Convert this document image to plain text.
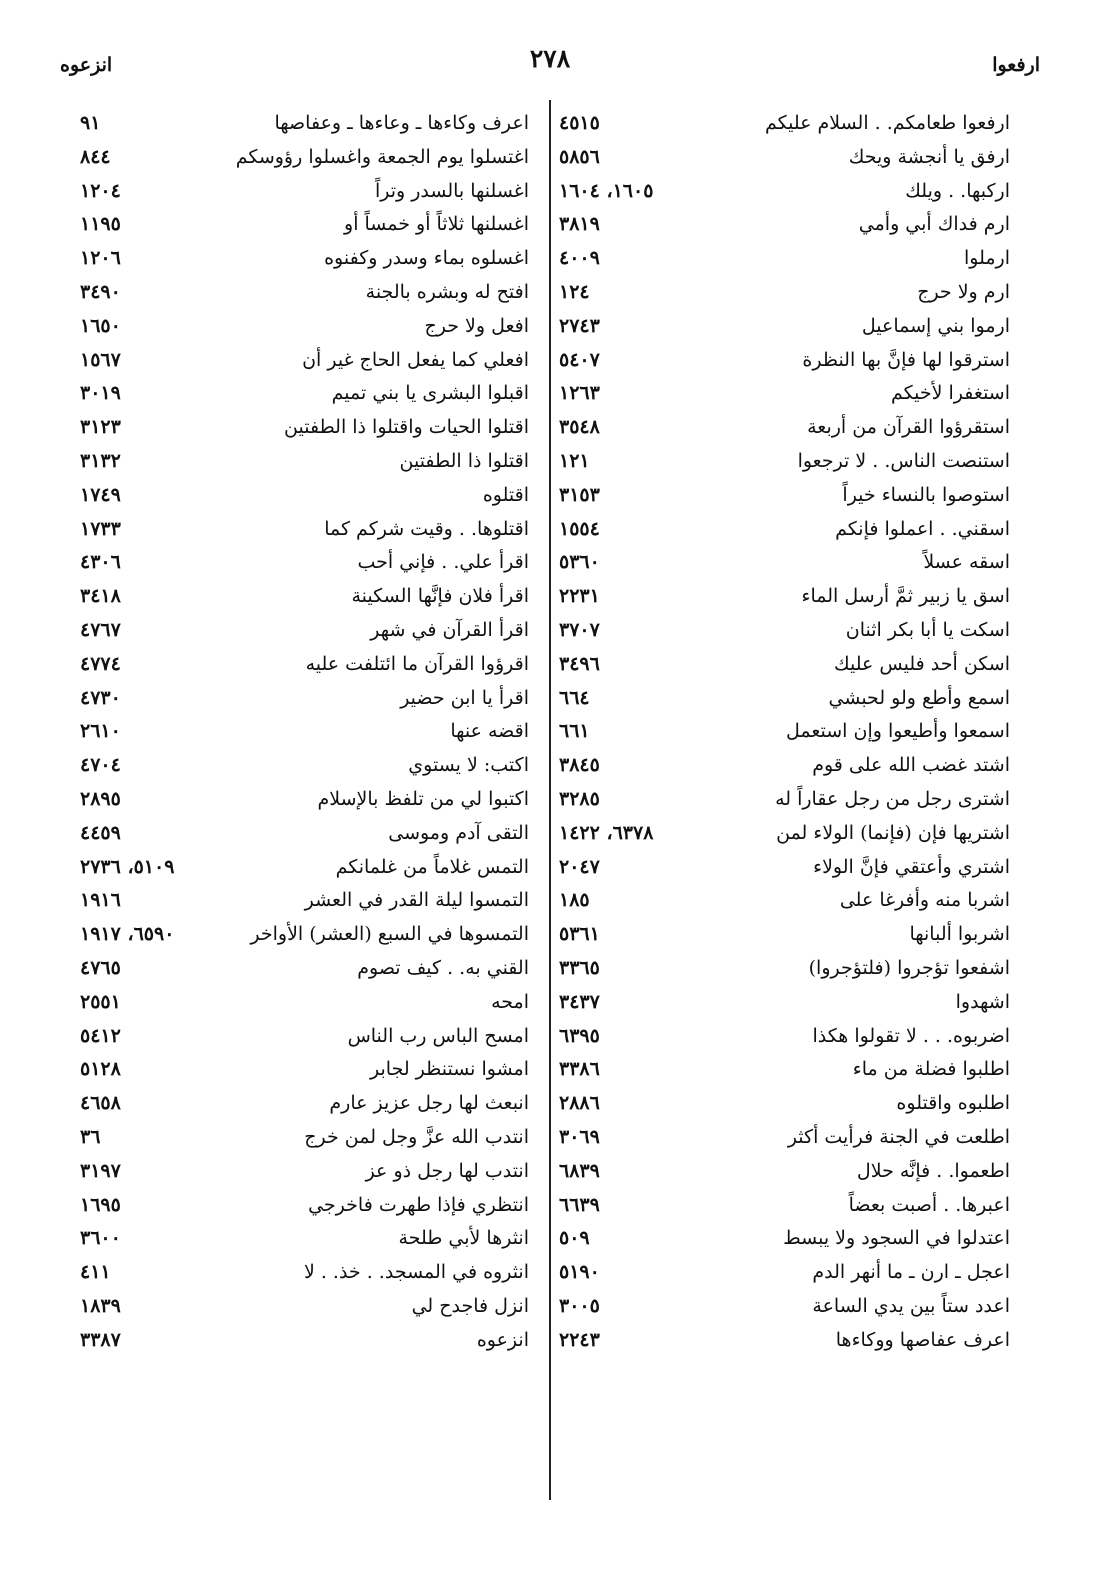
ارفعوا
٢٧٨
انزعوه
ارفعوا طعامكم. . السلام عليكم
٤٥١٥
ارفق يا أنجشة ويحك
٥٨٥٦
اركبها. . ويلك
١٦٠٥، ١٦٠٤
ارم فداك أبي وأمي
٣٨١٩
ارملوا
٤٠٠٩
ارم ولا حرج
١٢٤
ارموا بني إسماعيل
٢٧٤٣
استرقوا لها فإنَّ بها النظرة
٥٤٠٧
استغفرا لأخيكم
١٢٦٣
استقرؤوا القرآن من أربعة
٣٥٤٨
استنصت الناس. . لا ترجعوا
١٢١
استوصوا بالنساء خيراً
٣١٥٣
اسقني. . اعملوا فإنكم
١٥٥٤
اسقه عسلاً
٥٣٦٠
اسق يا زبير ثمَّ أرسل الماء
٢٢٣١
اسكت يا أبا بكر اثنان
٣٧٠٧
اسكن أحد فليس عليك
٣٤٩٦
اسمع وأطع ولو لحبشي
٦٦٤
اسمعوا وأطيعوا وإن استعمل
٦٦١
اشتد غضب الله على قوم
٣٨٤٥
اشترى رجل من رجل عقاراً له
٣٢٨٥
اشتريها فإن (فإنما) الولاء لمن
٦٣٧٨، ١٤٢٢
اشتري وأعتقي فإنَّ الولاء
٢٠٤٧
اشربا منه وأفرغا على
١٨٥
اشربوا ألبانها
٥٣٦١
اشفعوا تؤجروا (فلتؤجروا)
٣٣٦٥
اشهدوا
٣٤٣٧
اضربوه. . . لا تقولوا هكذا
٦٣٩٥
اطلبوا فضلة من ماء
٣٣٨٦
اطلبوه واقتلوه
٢٨٨٦
اطلعت في الجنة فرأيت أكثر
٣٠٦٩
اطعموا. . فإنَّه حلال
٦٨٣٩
اعبرها. . أصبت بعضاً
٦٦٣٩
اعتدلوا في السجود ولا يبسط
٥٠٩
اعجل ـ ارن ـ ما أنهر الدم
٥١٩٠
اعدد ستاً بين يدي الساعة
٣٠٠٥
اعرف عفاصها ووكاءها
٢٢٤٣
اعرف وكاءها ـ وعاءها ـ وعفاصها
٩١
اغتسلوا يوم الجمعة واغسلوا رؤوسكم
٨٤٤
اغسلنها بالسدر وتراً
١٢٠٤
اغسلنها ثلاثاً أو خمساً أو
١١٩٥
اغسلوه بماء وسدر وكفنوه
١٢٠٦
افتح له وبشره بالجنة
٣٤٩٠
افعل ولا حرج
١٦٥٠
افعلي كما يفعل الحاج غير أن
١٥٦٧
اقبلوا البشرى يا بني تميم
٣٠١٩
اقتلوا الحيات واقتلوا ذا الطفتين
٣١٢٣
اقتلوا ذا الطفتين
٣١٣٢
اقتلوه
١٧٤٩
اقتلوها. . وقيت شركم كما
١٧٣٣
اقرأ علي. . فإني أحب
٤٣٠٦
اقرأ فلان فإنَّها السكينة
٣٤١٨
اقرأ القرآن في شهر
٤٧٦٧
اقرؤوا القرآن ما ائتلفت عليه
٤٧٧٤
اقرأ يا ابن حضير
٤٧٣٠
اقضه عنها
٢٦١٠
اكتب: لا يستوي
٤٧٠٤
اكتبوا لي من تلفظ بالإسلام
٢٨٩٥
التقى آدم وموسى
٤٤٥٩
التمس غلاماً من غلمانكم
٥١٠٩، ٢٧٣٦
التمسوا ليلة القدر في العشر
١٩١٦
التمسوها في السبع (العشر) الأواخر
٦٥٩٠، ١٩١٧
القني به. . كيف تصوم
٤٧٦٥
امحه
٢٥٥١
امسح الباس رب الناس
٥٤١٢
امشوا نستنظر لجابر
٥١٢٨
انبعث لها رجل عزيز عارم
٤٦٥٨
انتدب الله عزَّ وجل لمن خرج
٣٦
انتدب لها رجل ذو عز
٣١٩٧
انتظري فإذا طهرت فاخرجي
١٦٩٥
انثرها لأبي طلحة
٣٦٠٠
انثروه في المسجد. . خذ. . لا
٤١١
انزل فاجدح لي
١٨٣٩
انزعوه
٣٣٨٧
